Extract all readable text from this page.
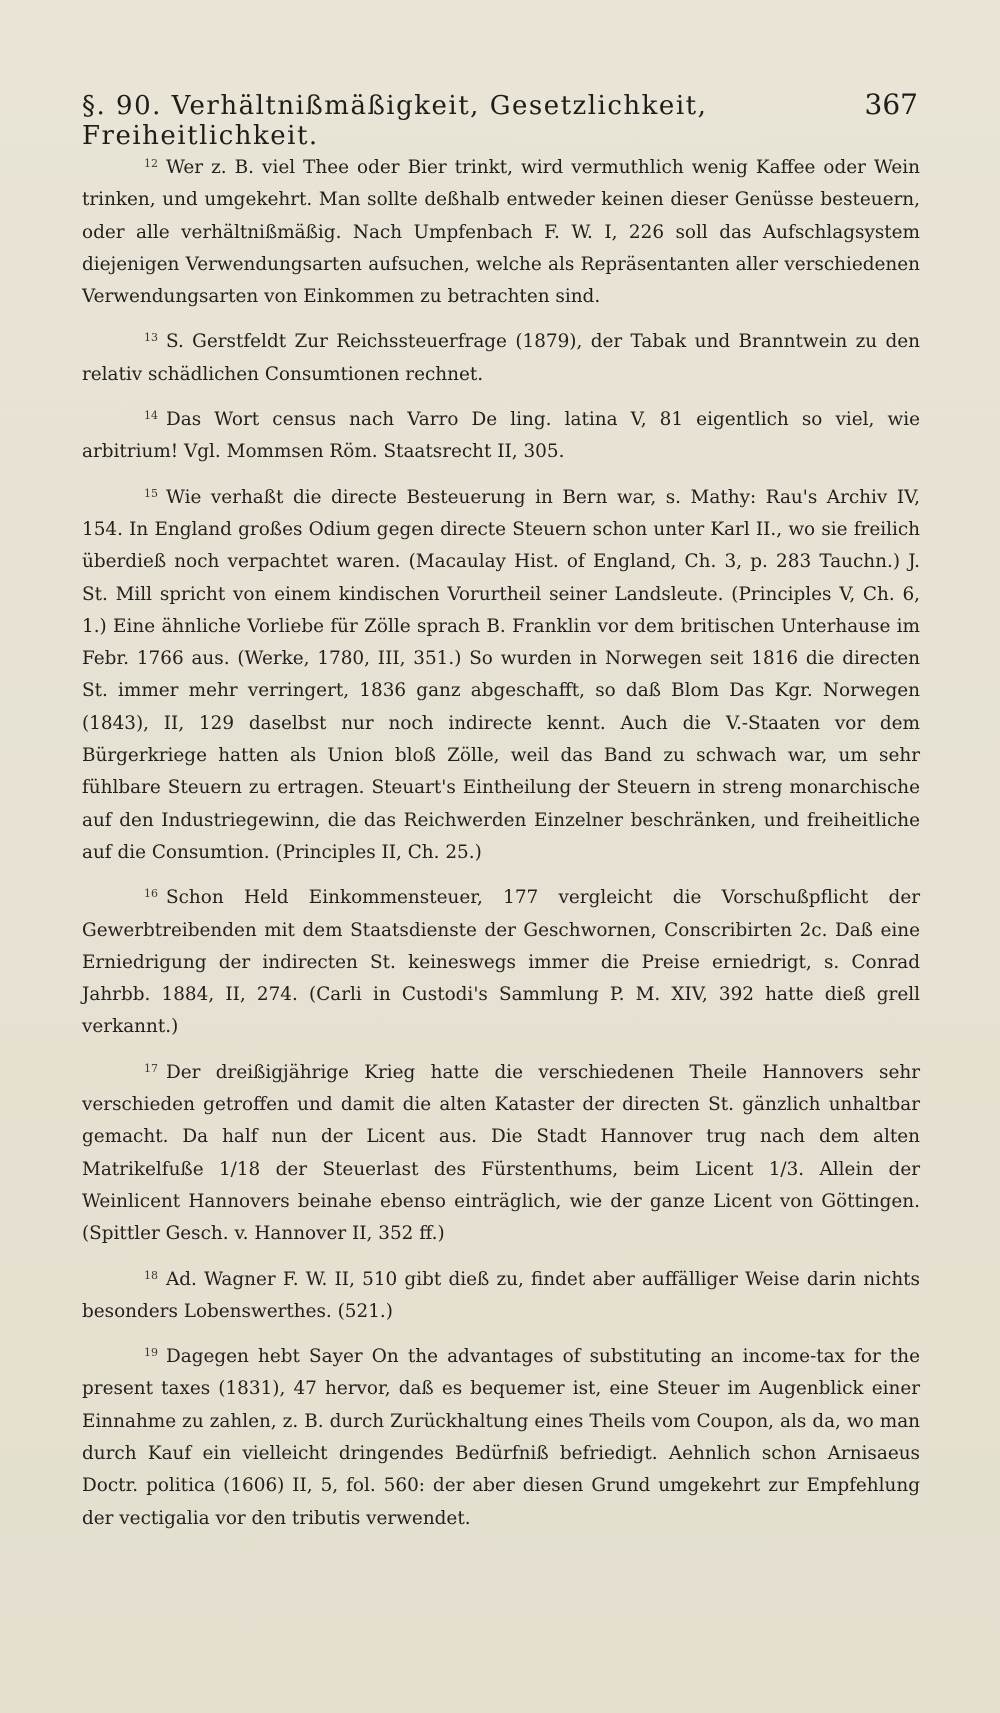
§. 90. Verhältnißmäßigkeit, Gesetzlichkeit, Freiheitlichkeit.
367

$^{12}$ Wer z. B. viel Thee oder Bier trinkt, wird vermuthlich wenig Kaffee oder Wein trinken, und umgekehrt. Man sollte deßhalb entweder keinen dieser Genüsse besteuern, oder alle verhältnißmäßig. Nach Umpfenbach F. W. I, 226 soll das Aufschlagsystem diejenigen Verwendungsarten aufsuchen, welche als Repräsentanten aller verschiedenen Verwendungsarten von Einkommen zu betrachten sind.

$^{13}$ S. Gerstfeldt Zur Reichssteuerfrage (1879), der Tabak und Branntwein zu den relativ schädlichen Consumtionen rechnet.

$^{14}$ Das Wort census nach Varro De ling. latina V, 81 eigentlich so viel, wie arbitrium! Vgl. Mommsen Röm. Staatsrecht II, 305.

$^{15}$ Wie verhaßt die directe Besteuerung in Bern war, s. Mathy: Rau's Archiv IV, 154. In England großes Odium gegen directe Steuern schon unter Karl II., wo sie freilich überdieß noch verpachtet waren. (Macaulay Hist. of England, Ch. 3, p. 283 Tauchn.) J. St. Mill spricht von einem kindischen Vorurtheil seiner Landsleute. (Principles V, Ch. 6, 1.) Eine ähnliche Vorliebe für Zölle sprach B. Franklin vor dem britischen Unterhause im Febr. 1766 aus. (Werke, 1780, III, 351.) So wurden in Norwegen seit 1816 die directen St. immer mehr verringert, 1836 ganz abgeschafft, so daß Blom Das Kgr. Norwegen (1843), II, 129 daselbst nur noch indirecte kennt. Auch die V.-Staaten vor dem Bürgerkriege hatten als Union bloß Zölle, weil das Band zu schwach war, um sehr fühlbare Steuern zu ertragen. Steuart's Eintheilung der Steuern in streng monarchische auf den Industriegewinn, die das Reichwerden Einzelner beschränken, und freiheitliche auf die Consumtion. (Principles II, Ch. 25.)

$^{16}$ Schon Held Einkommensteuer, 177 vergleicht die Vorschußpflicht der Gewerbtreibenden mit dem Staatsdienste der Geschwornen, Conscribirten 2c. Daß eine Erniedrigung der indirecten St. keineswegs immer die Preise erniedrigt, s. Conrad Jahrbb. 1884, II, 274. (Carli in Custodi's Sammlung P. M. XIV, 392 hatte dieß grell verkannt.)

$^{17}$ Der dreißigjährige Krieg hatte die verschiedenen Theile Hannovers sehr verschieden getroffen und damit die alten Kataster der directen St. gänzlich unhaltbar gemacht. Da half nun der Licent aus. Die Stadt Hannover trug nach dem alten Matrikelfuße 1/18 der Steuerlast des Fürstenthums, beim Licent 1/3. Allein der Weinlicent Hannovers beinahe ebenso einträglich, wie der ganze Licent von Göttingen. (Spittler Gesch. v. Hannover II, 352 ff.)

$^{18}$ Ad. Wagner F. W. II, 510 gibt dieß zu, findet aber auffälliger Weise darin nichts besonders Lobenswerthes. (521.)

$^{19}$ Dagegen hebt Sayer On the advantages of substituting an income-tax for the present taxes (1831), 47 hervor, daß es bequemer ist, eine Steuer im Augenblick einer Einnahme zu zahlen, z. B. durch Zurückhaltung eines Theils vom Coupon, als da, wo man durch Kauf ein vielleicht dringendes Bedürfniß befriedigt. Aehnlich schon Arnisaeus Doctr. politica (1606) II, 5, fol. 560: der aber diesen Grund umgekehrt zur Empfehlung der vectigalia vor den tributis verwendet.
